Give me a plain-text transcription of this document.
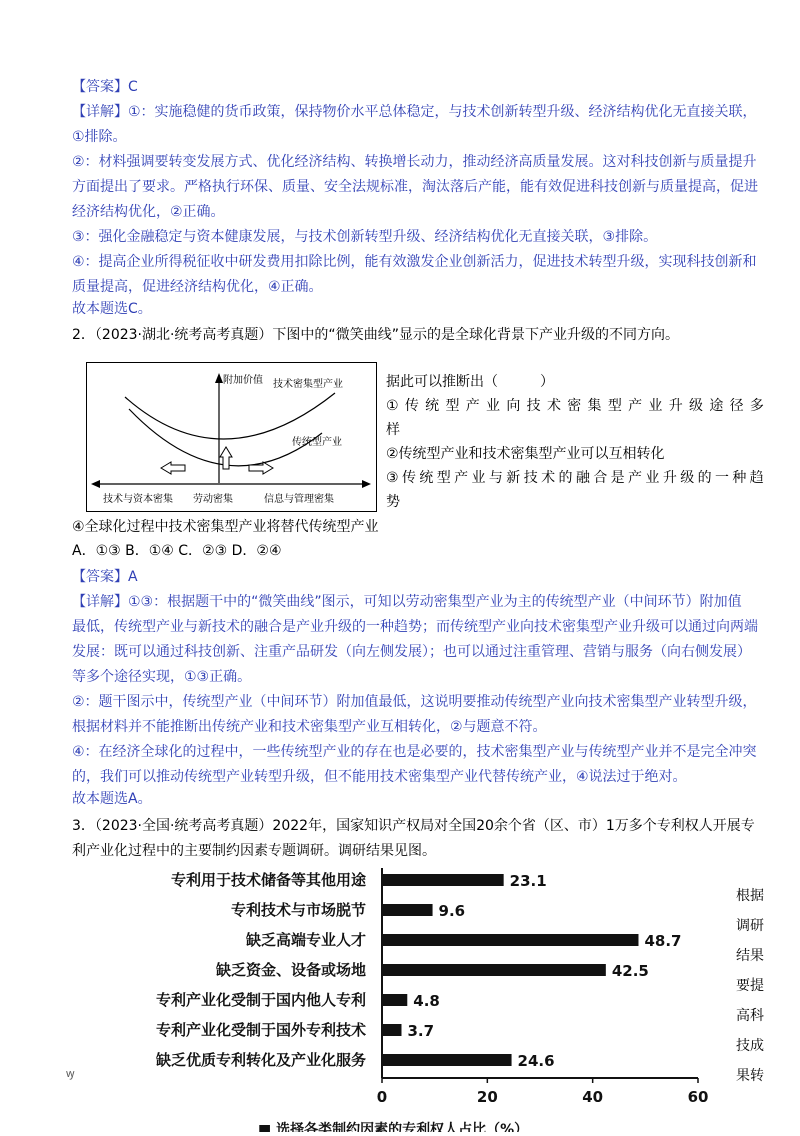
【答案】C
【详解】①：实施稳健的货币政策，保持物价水平总体稳定，与技术创新转型升级、经济结构优化无直接关联，
①排除。
②：材料强调要转变发展方式、优化经济结构、转换增长动力，推动经济高质量发展。这对科技创新与质量提升
方面提出了要求。严格执行环保、质量、安全法规标准，淘汰落后产能，能有效促进科技创新与质量提高，促进
经济结构优化，②正确。
③：强化金融稳定与资本健康发展，与技术创新转型升级、经济结构优化无直接关联，③排除。
④：提高企业所得税征收中研发费用扣除比例，能有效激发企业创新活力，促进技术转型升级，实现科技创新和
质量提高，促进经济结构优化，④正确。
故本题选C。
2．（2023·湖北·统考高考真题）下图中的“微笑曲线”显示的是全球化背景下产业升级的不同方向。
附加价值 技术密集型产业
传统型产业
技术与资本密集 劳动密集	信息与管理密集
据此可以推断出（　　　）
① 传 统 型 产 业 向 技 术 密 集 型 产 业 升 级 途 径 多
样
②传统型产业和技术密集型产业可以互相转化
③ 传 统 型 产 业 与 新 技 术 的 融 合 是 产 业 升 级 的 一 种 趋
势
④全球化过程中技术密集型产业将替代传统型产业
A．①③ B．①④ C．②③ D．②④
【答案】A
【详解】①③：根据题干中的“微笑曲线”图示，可知以劳动密集型产业为主的传统型产业（中间环节）附加值
最低，传统型产业与新技术的融合是产业升级的一种趋势；而传统型产业向技术密集型产业升级可以通过向两端
发展：既可以通过科技创新、注重产品研发（向左侧发展）；也可以通过注重管理、营销与服务（向右侧发展）
等多个途径实现，①③正确。
②：题干图示中，传统型产业（中间环节）附加值最低，这说明要推动传统型产业向技术密集型产业转型升级，
根据材料并不能推断出传统产业和技术密集型产业互相转化，②与题意不符。
④：在经济全球化的过程中，一些传统型产业的存在也是必要的，技术密集型产业与传统型产业并不是完全冲突
的，我们可以推动传统型产业转型升级，但不能用技术密集型产业代替传统产业，④说法过于绝对。
故本题选A。
3．（2023·全国·统考高考真题）2022年，国家知识产权局对全国20余个省（区、市）1万多个专利权人开展专
利产业化过程中的主要制约因素专题调研。调研结果见图。
专利用于技术储备等其他用途	23.1
专利技术与市场脱节	9.6
缺乏高端专业人才	48.7
缺乏资金、设备或场地	42.5
专利产业化受制于国内他人专利	4.8
专利产业化受制于国外专利技术	3.7
缺乏优质专利转化及产业化服务	24.6
0	20	40	60
■ 选择各类制约因素的专利权人占比（%）
根据
调研
结果
要提
高科
技成
果转
ꝡ
